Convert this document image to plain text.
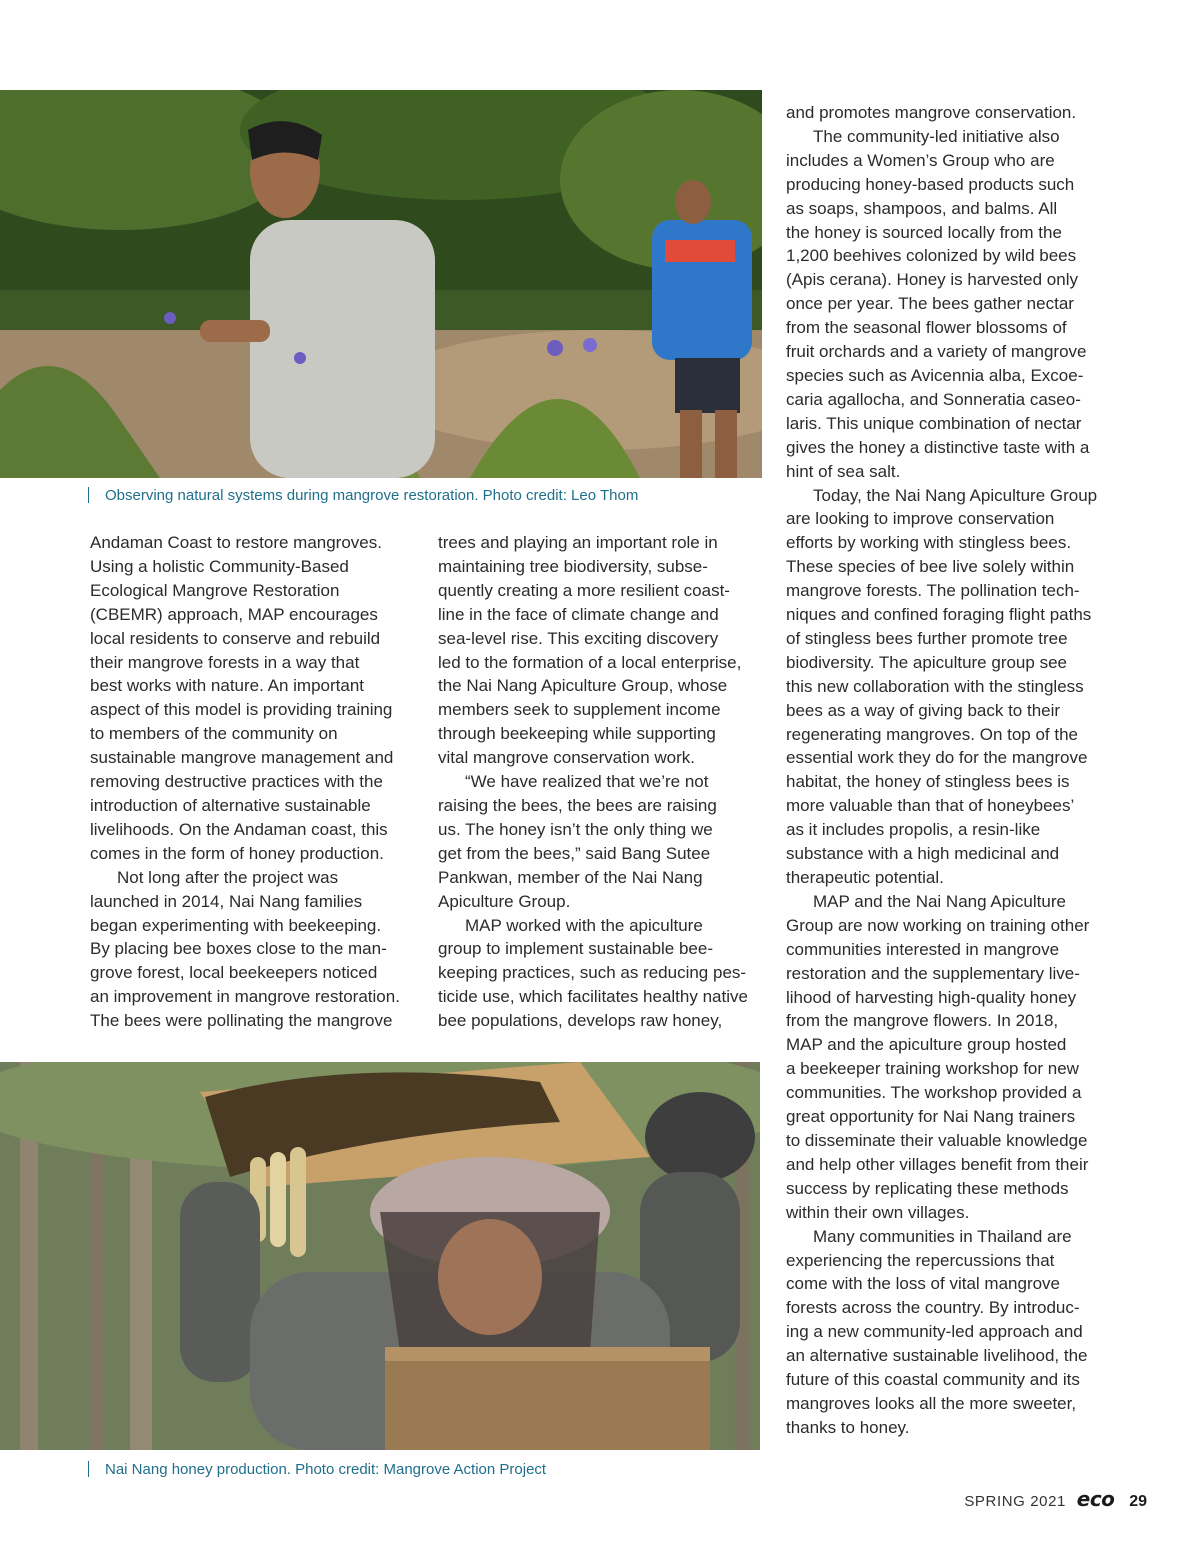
Observing natural systems during mangrove restoration. Photo credit: Leo Thom

Andaman Coast to restore mangroves.

Using a holistic Community-Based

Ecological Mangrove Restoration

(CBEMR) approach, MAP encourages

local residents to conserve and rebuild

their mangrove forests in a way that

best works with nature. An important

aspect of this model is providing training

to members of the community on

sustainable mangrove management and

removing destructive practices with the

introduction of alternative sustainable

livelihoods. On the Andaman coast, this

comes in the form of honey production.

Not long after the project was

launched in 2014, Nai Nang families

began experimenting with beekeeping.

By placing bee boxes close to the man-

grove forest, local beekeepers noticed

an improvement in mangrove restoration.

The bees were pollinating the mangrove

trees and playing an important role in

maintaining tree biodiversity, subse-

quently creating a more resilient coast-

line in the face of climate change and

sea-level rise. This exciting discovery

led to the formation of a local enterprise,

the Nai Nang Apiculture Group, whose

members seek to supplement income

through beekeeping while supporting

vital mangrove conservation work.

“We have realized that we’re not

raising the bees, the bees are raising

us. The honey isn’t the only thing we

get from the bees,” said Bang Sutee

Pankwan, member of the Nai Nang

Apiculture Group.

MAP worked with the apiculture

group to implement sustainable bee-

keeping practices, such as reducing pes-

ticide use, which facilitates healthy native

bee populations, develops raw honey,

and promotes mangrove conservation.

The community-led initiative also

includes a Women’s Group who are

producing honey-based products such

as soaps, shampoos, and balms. All

the honey is sourced locally from the

1,200 beehives colonized by wild bees

(Apis cerana). Honey is harvested only

once per year. The bees gather nectar

from the seasonal flower blossoms of

fruit orchards and a variety of mangrove

species such as Avicennia alba, Excoe-

caria agallocha, and Sonneratia caseo-

laris. This unique combination of nectar

gives the honey a distinctive taste with a

hint of sea salt.

Today, the Nai Nang Apiculture Group

are looking to improve conservation

efforts by working with stingless bees.

These species of bee live solely within

mangrove forests. The pollination tech-

niques and confined foraging flight paths

of stingless bees further promote tree

biodiversity. The apiculture group see

this new collaboration with the stingless

bees as a way of giving back to their

regenerating mangroves. On top of the

essential work they do for the mangrove

habitat, the honey of stingless bees is

more valuable than that of honeybees’

as it includes propolis, a resin-like

substance with a high medicinal and

therapeutic potential.

MAP and the Nai Nang Apiculture

Group are now working on training other

communities interested in mangrove

restoration and the supplementary live-

lihood of harvesting high-quality honey

from the mangrove flowers. In 2018,

MAP and the apiculture group hosted

a beekeeper training workshop for new

communities. The workshop provided a

great opportunity for Nai Nang trainers

to disseminate their valuable knowledge

and help other villages benefit from their

success by replicating these methods

within their own villages.

Many communities in Thailand are

experiencing the repercussions that

come with the loss of vital mangrove

forests across the country. By introduc-

ing a new community-led approach and

an alternative sustainable livelihood, the

future of this coastal community and its

mangroves looks all the more sweeter,

thanks to honey.

Nai Nang honey production. Photo credit: Mangrove Action Project
SPRING 2021 eco 29
